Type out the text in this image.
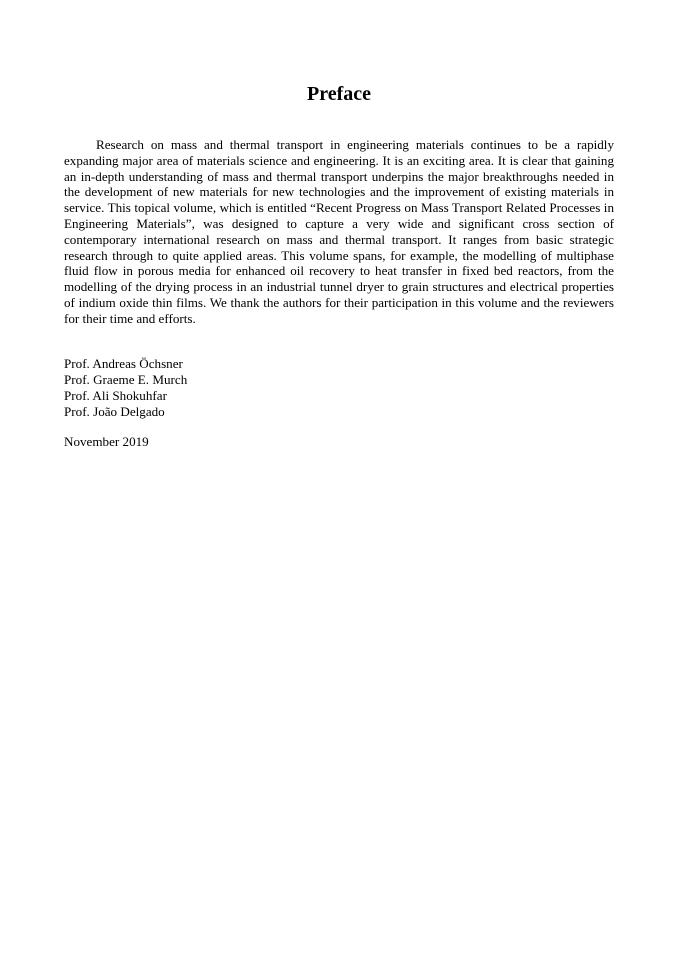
Preface

Research on mass and thermal transport in engineering materials continues to be a rapidly expanding major area of materials science and engineering. It is an exciting area. It is clear that gaining an in-depth understanding of mass and thermal transport underpins the major breakthroughs needed in the development of new materials for new technologies and the improvement of existing materials in service. This topical volume, which is entitled “Recent Progress on Mass Transport Related Processes in Engineering Materials”, was designed to capture a very wide and significant cross section of contemporary international research on mass and thermal transport. It ranges from basic strategic research through to quite applied areas. This volume spans, for example, the modelling of multiphase fluid flow in porous media for enhanced oil recovery to heat transfer in fixed bed reactors, from the modelling of the drying process in an industrial tunnel dryer to grain structures and electrical properties of indium oxide thin films. We thank the authors for their participation in this volume and the reviewers for their time and efforts.

Prof. Andreas Öchsner
Prof. Graeme E. Murch
Prof. Ali Shokuhfar
Prof. João Delgado
November 2019
